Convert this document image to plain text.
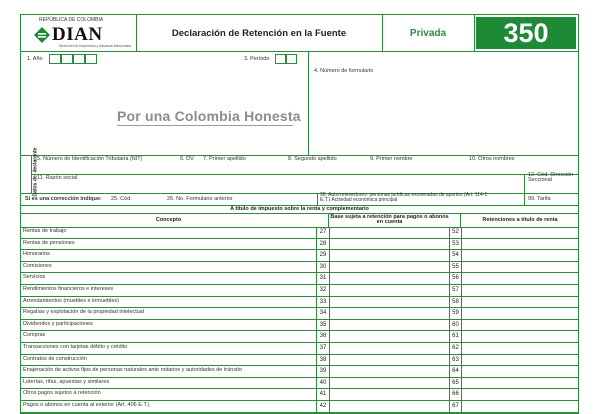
REPÚBLICA DE COLOMBIA
DIAN
Dirección de Impuestos y Aduanas Nacionales
Declaración de Retención en la Fuente	Privada	350
1. Año	3. Período
Por una Colombia Honesta
4. Número de formulario
Datos del declarante
5. Número de Identificación Tributaria (NIT)	6. DV. 7. Primer apellido	8. Segundo apellido	9. Primer nombre	10. Otros nombres
11. Razón social	12. Cód. Dirección Seccional
Si es una corrección indique: 25. Cód.	26. No. Formulario anterior
98. Autorretenedores: personas jurídicas exoneradas de aportes (Art. 114-1 E.T.) Actividad económica principal	99. Tarifa
A título de impuesto sobre la renta y complementario
Concepto	Base sujeta a retención para pagos o abonos en cuenta	Retenciones a título de renta
Rentas de trabajo	27	52
Rentas de pensiones	28	53
Honorarios	29	54
Comisiones	30	55
Servicios	31	56
Rendimientos financieros e intereses	32	57
Arrendamientos (muebles e inmuebles)	33	58
Regalías y explotación de la propiedad intelectual	34	59
Dividendos y participaciones	35	60
Compras	36	61
Transacciones con tarjetas débito y crédito	37	62
Contratos de construcción	38	63
Enajenación de activos fijos de personas naturales ante notarios y autoridades de tránsito	39	64
Loterías, rifas, apuestas y similares	40	65
Otros pagos sujetos a retención	41	66
Pagos o abonos en cuenta al exterior (Art. 406 E.T.)	42	67
